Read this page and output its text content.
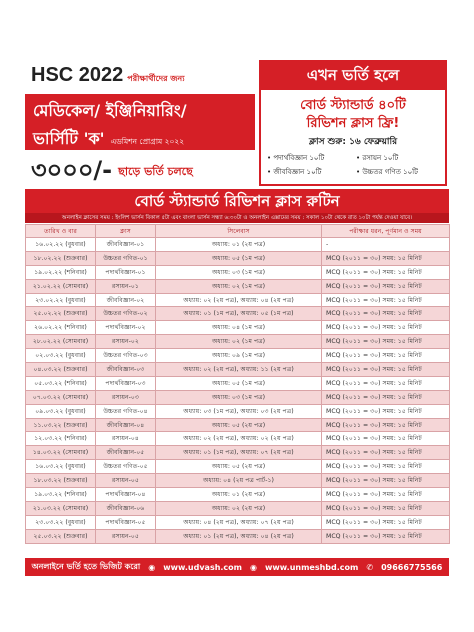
HSC 2022 পরীক্ষার্থীদের জন্য
মেডিকেল/ ইঞ্জিনিয়ারিং/
ভার্সিটি 'ক' এডমিশন প্রোগ্রাম ২০২২
৩০০০/- ছাড়ে ভর্তি চলছে
এখন ভর্তি হলে
বোর্ড স্ট্যান্ডার্ড ৪০টি
রিভিশন ক্লাস ফ্রি!
ক্লাস শুরু: ১৬ ফেব্রুয়ারি
• পদার্থবিজ্ঞান ১০টি	• রসায়ন ১০টি
• জীববিজ্ঞান ১০টি	• উচ্চতর গণিত ১০টি
বোর্ড স্ট্যান্ডার্ড রিভিশন ক্লাস রুটিন
অনলাইন ক্লাসের সময় : ইংলিশ ভার্সন বিকাল ৫টা এবং বাংলা ভার্সন সন্ধ্যা ৬:৩০টা ও অনলাইন এক্সামের সময় : সকাল ১০টা থেকে রাত ১০টা পর্যন্ত দেওয়া যাবে।
তারিখ ও বার	ক্লাস	সিলেবাস	পরীক্ষার ধরন, পূর্ণমান ও সময়
১৬.০২.২২ (বুধবার)	জীববিজ্ঞান-০১	অধ্যায়: ০১ (২য় পত্র)	-
১৮.০২.২২ (শুক্রবার)	উচ্চতর গণিত-০১	অধ্যায়: ০৫ (১ম পত্র)	MCQ (২০১১ = ৩০) সময়: ১৫ মিনিট
১৯.০২.২২ (শনিবার)	পদার্থবিজ্ঞান-০১	অধ্যায়: ০৩ (১ম পত্র)	MCQ (২০১১ = ৩০) সময়: ১৫ মিনিট
২১.০২.২২ (সোমবার)	রসায়ন-০১	অধ্যায়: ০২ (১ম পত্র)	MCQ (২০১১ = ৩০) সময়: ১৫ মিনিট
২৩.০২.২২ (বুধবার)	জীববিজ্ঞান-০২	অধ্যায়: ০২ (২য় পত্র), অধ্যায়: ০৪ (২য় পত্র)	MCQ (২০১১ = ৩০) সময়: ১৫ মিনিট
২৫.০২.২২ (শুক্রবার)	উচ্চতর গণিত-০২	অধ্যায়: ০১ (১ম পত্র), অধ্যায়: ০৫ (১ম পত্র)	MCQ (২০১১ = ৩০) সময়: ১৫ মিনিট
২৬.০২.২২ (শনিবার)	পদার্থবিজ্ঞান-০২	অধ্যায়: ০৪ (১ম পত্র)	MCQ (২০১১ = ৩০) সময়: ১৫ মিনিট
২৮.০২.২২ (সোমবার)	রসায়ন-০২	অধ্যায়: ০২ (১ম পত্র)	MCQ (২০১১ = ৩০) সময়: ১৫ মিনিট
০২.০৩.২২ (বুধবার)	উচ্চতর গণিত-০৩	অধ্যায়: ০৯ (১ম পত্র)	MCQ (২০১১ = ৩০) সময়: ১৫ মিনিট
০৪.০৩.২২ (শুক্রবার)	জীববিজ্ঞান-০৩	অধ্যায়: ০২ (২য় পত্র), অধ্যায়: ১১ (২য় পত্র)	MCQ (২০১১ = ৩০) সময়: ১৫ মিনিট
০৫.০৩.২২ (শনিবার)	পদার্থবিজ্ঞান-০৩	অধ্যায়: ০৫ (১ম পত্র)	MCQ (২০১১ = ৩০) সময়: ১৫ মিনিট
০৭.০৩.২২ (সোমবার)	রসায়ন-০৩	অধ্যায়: ০৩ (১ম পত্র)	MCQ (২০১১ = ৩০) সময়: ১৫ মিনিট
০৯.০৩.২২ (বুধবার)	উচ্চতর গণিত-০৪	অধ্যায়: ০৩ (১ম পত্র), অধ্যায়: ০৩ (২য় পত্র)	MCQ (২০১১ = ৩০) সময়: ১৫ মিনিট
১১.০৩.২২ (শুক্রবার)	জীববিজ্ঞান-০৪	অধ্যায়: ০৫ (২য় পত্র)	MCQ (২০১১ = ৩০) সময়: ১৫ মিনিট
১২.০৩.২২ (শনিবার)	রসায়ন-০৪	অধ্যায়: ০২ (২য় পত্র), অধ্যায়: ০২ (২য় পত্র)	MCQ (২০১১ = ৩০) সময়: ১৫ মিনিট
১৪.০৩.২২ (সোমবার)	জীববিজ্ঞান-০৫	অধ্যায়: ০১ (১ম পত্র), অধ্যায়: ০৭ (২য় পত্র)	MCQ (২০১১ = ৩০) সময়: ১৫ মিনিট
১৬.০৩.২২ (বুধবার)	উচ্চতর গণিত-০৫	অধ্যায়: ০৫ (২য় পত্র)	MCQ (২০১১ = ৩০) সময়: ১৫ মিনিট
১৮.০৩.২২ (শুক্রবার)	রসায়ন-০৫	অধ্যায়: ০৪ (২য় পত্র পার্ট-১)	MCQ (২০১১ = ৩০) সময়: ১৫ মিনিট
১৯.০৩.২২ (শনিবার)	পদার্থবিজ্ঞান-০৪	অধ্যায়: ০১ (২য় পত্র)	MCQ (২০১১ = ৩০) সময়: ১৫ মিনিট
২১.০৩.২২ (সোমবার)	জীববিজ্ঞান-০৬	অধ্যায়: ০২ (২য় পত্র)	MCQ (২০১১ = ৩০) সময়: ১৫ মিনিট
২৩.০৩.২২ (বুধবার)	পদার্থবিজ্ঞান-০৫	অধ্যায়: ০৪ (২য় পত্র), অধ্যায়: ০৭ (২য় পত্র)	MCQ (২০১১ = ৩০) সময়: ১৫ মিনিট
২৫.০৩.২২ (শুক্রবার)	রসায়ন-০৫	অধ্যায়: ০১ (২য় পত্র), অধ্যায়: ০৪ (২য় পত্র)	MCQ (২০১১ = ৩০) সময়: ১৫ মিনিট
অনলাইনে ভর্তি হতে ভিজিট করো ◉ www.udvash.com ◉ www.unmeshbd.com ✆ 09666775566
